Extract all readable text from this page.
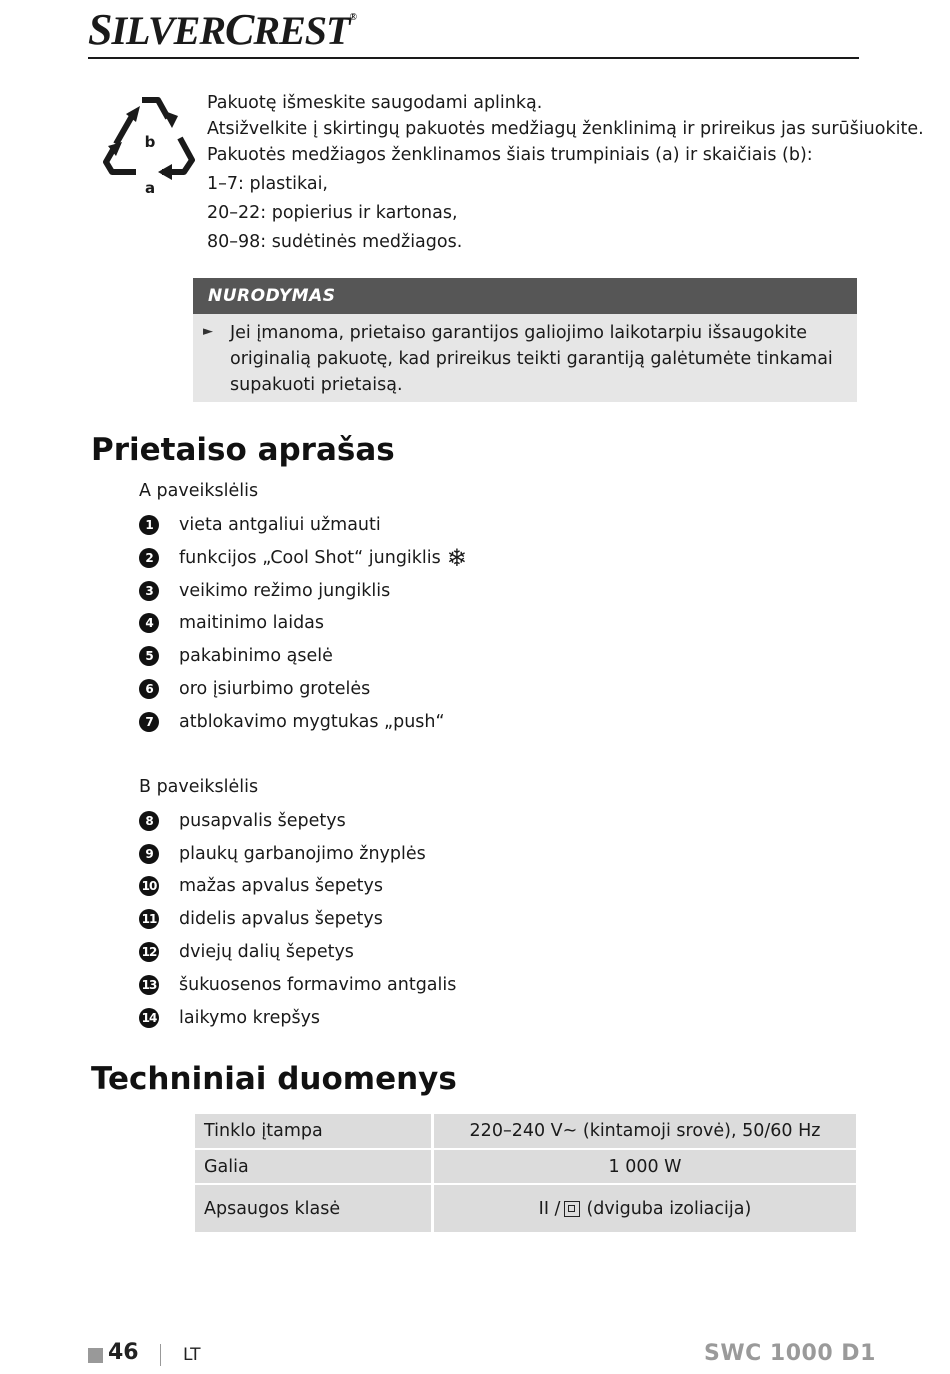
SILVERCREST®
b
a
Pakuotę išmeskite saugodami aplinką.
Atsižvelkite į skirtingų pakuotės medžiagų ženklinimą ir prireikus jas surūšiuokite.
Pakuotės medžiagos ženklinamos šiais trumpiniais (a) ir skaičiais (b):
1–7: plastikai,
20–22: popierius ir kartonas,
80–98: sudėtinės medžiagos.
NURODYMAS
► Jei įmanoma, prietaiso garantijos galiojimo laikotarpiu išsaugokite originalią pakuotę, kad prireikus teikti garantiją galėtumėte tinkamai supakuoti prietaisą.
Prietaiso aprašas
A paveikslėlis
1	vieta antgaliui užmauti
2	funkcijos „Cool Shot“ jungiklis ❄
3	veikimo režimo jungiklis
4	maitinimo laidas
5	pakabinimo ąselė
6	oro įsiurbimo grotelės
7	atblokavimo mygtukas „push“
B paveikslėlis
8	pusapvalis šepetys
9	plaukų garbanojimo žnyplės
10 mažas apvalus šepetys
11 didelis apvalus šepetys
12 dviejų dalių šepetys
13 šukuosenos formavimo antgalis
14 laikymo krepšys
Techniniai duomenys
Tinklo įtampa	220–240 V~ (kintamoji srovė), 50/60 Hz
Galia	1 000 W
Apsaugos klasė	II / (dviguba izoliacija)
46	LT	SWC 1000 D1
